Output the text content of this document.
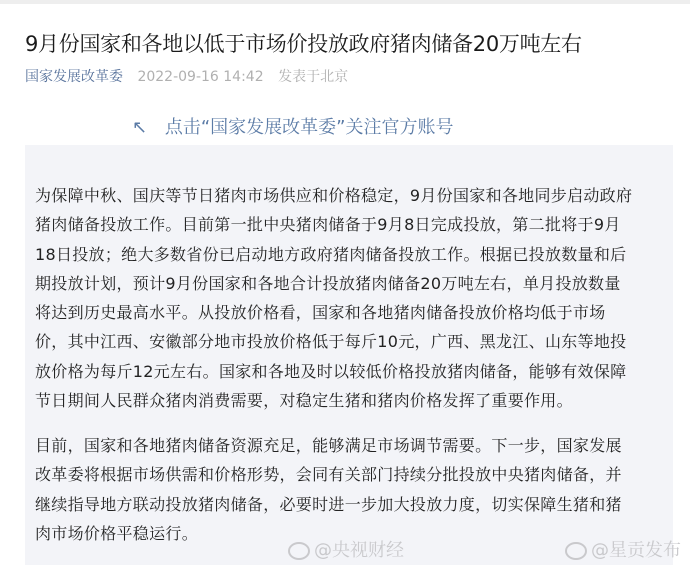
9月份国家和各地以低于市场价投放政府猪肉储备20万吨左右
国家发展改革委 2022-09-16 14:42 发表于北京
↖ 点击“国家发展改革委”关注官方账号
为保障中秋、国庆等节日猪肉市场供应和价格稳定，9月份国家和各地同步启动政府
猪肉储备投放工作。目前第一批中央猪肉储备于9月8日完成投放，第二批将于9月
18日投放；绝大多数省份已启动地方政府猪肉储备投放工作。根据已投放数量和后
期投放计划，预计9月份国家和各地合计投放猪肉储备20万吨左右，单月投放数量
将达到历史最高水平。从投放价格看，国家和各地猪肉储备投放价格均低于市场
价，其中江西、安徽部分地市投放价格低于每斤10元，广西、黑龙江、山东等地投
放价格为每斤12元左右。国家和各地及时以较低价格投放猪肉储备，能够有效保障
节日期间人民群众猪肉消费需要，对稳定生猪和猪肉价格发挥了重要作用。
目前，国家和各地猪肉储备资源充足，能够满足市场调节需要。下一步，国家发展
改革委将根据市场供需和价格形势，会同有关部门持续分批投放中央猪肉储备，并
继续指导地方联动投放猪肉储备，必要时进一步加大投放力度，切实保障生猪和猪
肉市场价格平稳运行。
@央视财经	@星贡发布
